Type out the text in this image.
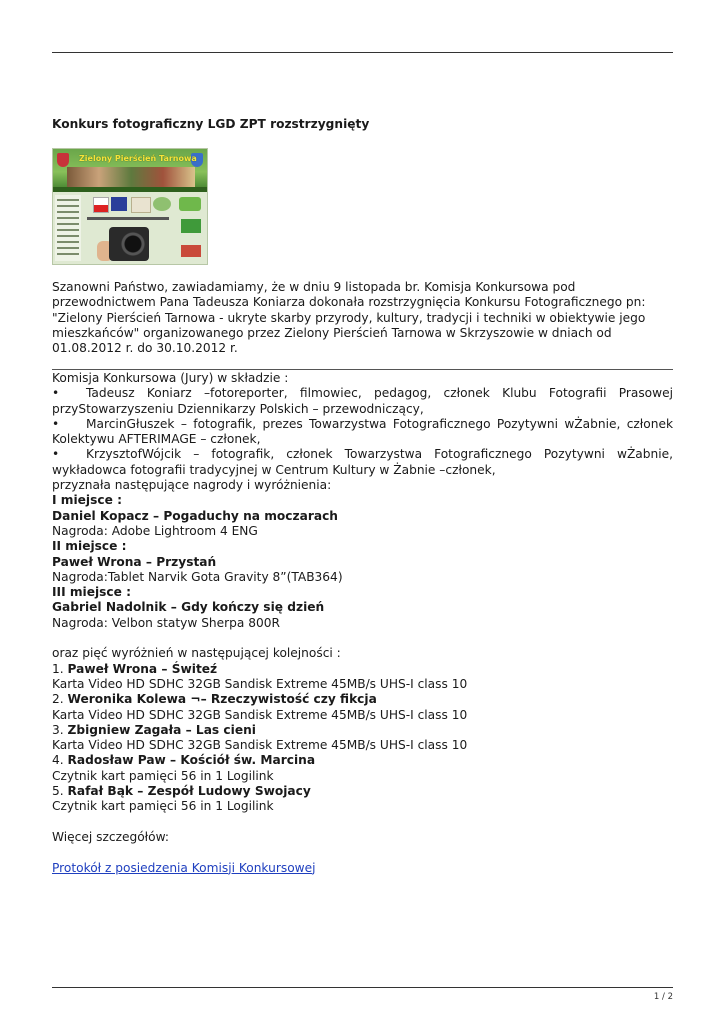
Konkurs fotograficzny LGD ZPT rozstrzygnięty
Zielony Pierścień Tarnowa

Szanowni Państwo, zawiadamiamy, że w dniu 9 listopada br. Komisja Konkursowa pod przewodnictwem Pana Tadeusza Koniarza dokonała rozstrzygnięcia Konkursu Fotograficznego pn: "Zielony Pierścień Tarnowa - ukryte skarby przyrody, kultury, tradycji i techniki w obiektywie jego mieszkańców" organizowanego przez Zielony Pierścień Tarnowa w Skrzyszowie w dniach od 01.08.2012 r. do 30.10.2012 r.

Komisja Konkursowa (Jury) w składzie :
• Tadeusz Koniarz –fotoreporter, filmowiec, pedagog, członek Klubu Fotografii Prasowej przyStowarzyszeniu Dziennikarzy Polskich – przewodniczący,
• MarcinGłuszek – fotografik, prezes Towarzystwa Fotograficznego Pozytywni wŻabnie, członek Kolektywu AFTERIMAGE – członek,
• KrzysztofWójcik – fotografik, członek Towarzystwa Fotograficznego Pozytywni wŻabnie, wykładowca fotografii tradycyjnej w Centrum Kultury w Żabnie –członek,
przyznała następujące nagrody i wyróżnienia:
I miejsce :
Daniel Kopacz – Pogaduchy na moczarach
Nagroda: Adobe Lightroom 4 ENG
II miejsce :
Paweł Wrona – Przystań
Nagroda:Tablet Narvik Gota Gravity 8”(TAB364)
III miejsce :
Gabriel Nadolnik – Gdy kończy się dzień
Nagroda: Velbon statyw Sherpa 800R
oraz pięć wyróżnień w następującej kolejności :
1. Paweł Wrona – Świteź
Karta Video HD SDHC 32GB Sandisk Extreme 45MB/s UHS-I class 10
2. Weronika Kolewa ¬– Rzeczywistość czy fikcja
Karta Video HD SDHC 32GB Sandisk Extreme 45MB/s UHS-I class 10
3. Zbigniew Zagała – Las cieni
Karta Video HD SDHC 32GB Sandisk Extreme 45MB/s UHS-I class 10
4. Radosław Paw – Kościół św. Marcina
Czytnik kart pamięci 56 in 1 Logilink
5. Rafał Bąk – Zespół Ludowy Swojacy
Czytnik kart pamięci 56 in 1 Logilink
Więcej szczegółów:
Protokół z posiedzenia Komisji Konkursowej
1 / 2
